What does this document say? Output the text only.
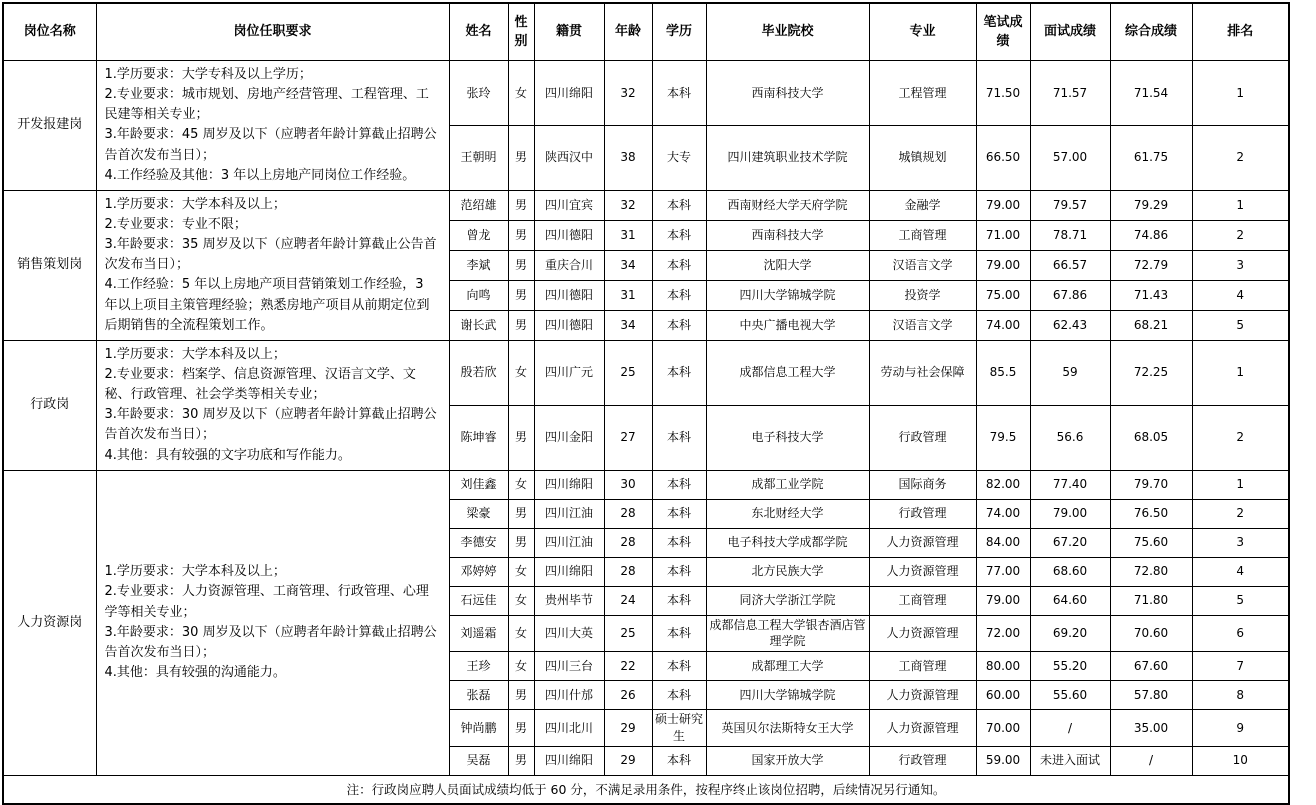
岗位名称	岗位任职要求	姓名	性别	籍贯	年龄	学历	毕业院校	专业	笔试成绩	面试成绩	综合成绩	排名
开发报建岗	1.学历要求：大学专科及以上学历；
2.专业要求：城市规划、房地产经营管理、工程管理、工民建等相关专业；
3.年龄要求：45 周岁及以下（应聘者年龄计算截止招聘公告首次发布当日）；
4.工作经验及其他：3 年以上房地产同岗位工作经验。	张玲	女	四川绵阳	32	本科	西南科技大学	工程管理	71.50	71.57	71.54	1
		王朝明	男	陕西汉中	38	大专	四川建筑职业技术学院	城镇规划	66.50	57.00	61.75	2
销售策划岗	1.学历要求：大学本科及以上；
2.专业要求：专业不限；
3.年龄要求：35 周岁及以下（应聘者年龄计算截止公告首次发布当日）；
4.工作经验：5 年以上房地产项目营销策划工作经验，3 年以上项目主策管理经验；熟悉房地产项目从前期定位到后期销售的全流程策划工作。	范绍雄	男	四川宜宾	32	本科	西南财经大学天府学院	金融学	79.00	79.57	79.29	1
		曾龙	男	四川德阳	31	本科	西南科技大学	工商管理	71.00	78.71	74.86	2
		李斌	男	重庆合川	34	本科	沈阳大学	汉语言文学	79.00	66.57	72.79	3
		向鸣	男	四川德阳	31	本科	四川大学锦城学院	投资学	75.00	67.86	71.43	4
		谢长武	男	四川德阳	34	本科	中央广播电视大学	汉语言文学	74.00	62.43	68.21	5
行政岗	1.学历要求：大学本科及以上；
2.专业要求：档案学、信息资源管理、汉语言文学、文秘、行政管理、社会学类等相关专业；
3.年龄要求：30 周岁及以下（应聘者年龄计算截止招聘公告首次发布当日）；
4.其他：具有较强的文字功底和写作能力。	殷若欣	女	四川广元	25	本科	成都信息工程大学	劳动与社会保障	85.5	59	72.25	1
		陈坤睿	男	四川金阳	27	本科	电子科技大学	行政管理	79.5	56.6	68.05	2
人力资源岗	1.学历要求：大学本科及以上；
2.专业要求：人力资源管理、工商管理、行政管理、心理学等相关专业；
3.年龄要求：30 周岁及以下（应聘者年龄计算截止招聘公告首次发布当日）；
4.其他：具有较强的沟通能力。	刘佳鑫	女	四川绵阳	30	本科	成都工业学院	国际商务	82.00	77.40	79.70	1
		梁豪	男	四川江油	28	本科	东北财经大学	行政管理	74.00	79.00	76.50	2
		李德安	男	四川江油	28	本科	电子科技大学成都学院	人力资源管理	84.00	67.20	75.60	3
		邓婷婷	女	四川绵阳	28	本科	北方民族大学	人力资源管理	77.00	68.60	72.80	4
		石远佳	女	贵州毕节	24	本科	同济大学浙江学院	工商管理	79.00	64.60	71.80	5
		刘遥霜	女	四川大英	25	本科	成都信息工程大学银杏酒店管理学院	人力资源管理	72.00	69.20	70.60	6
		王珍	女	四川三台	22	本科	成都理工大学	工商管理	80.00	55.20	67.60	7
		张磊	男	四川什邡	26	本科	四川大学锦城学院	人力资源管理	60.00	55.60	57.80	8
		钟尚鹏	男	四川北川	29	硕士研究生	英国贝尔法斯特女王大学	人力资源管理	70.00	/	35.00	9
		吴磊	男	四川绵阳	29	本科	国家开放大学	行政管理	59.00	未进入面试	/	10
注：行政岗应聘人员面试成绩均低于 60 分，不满足录用条件，按程序终止该岗位招聘，后续情况另行通知。												
